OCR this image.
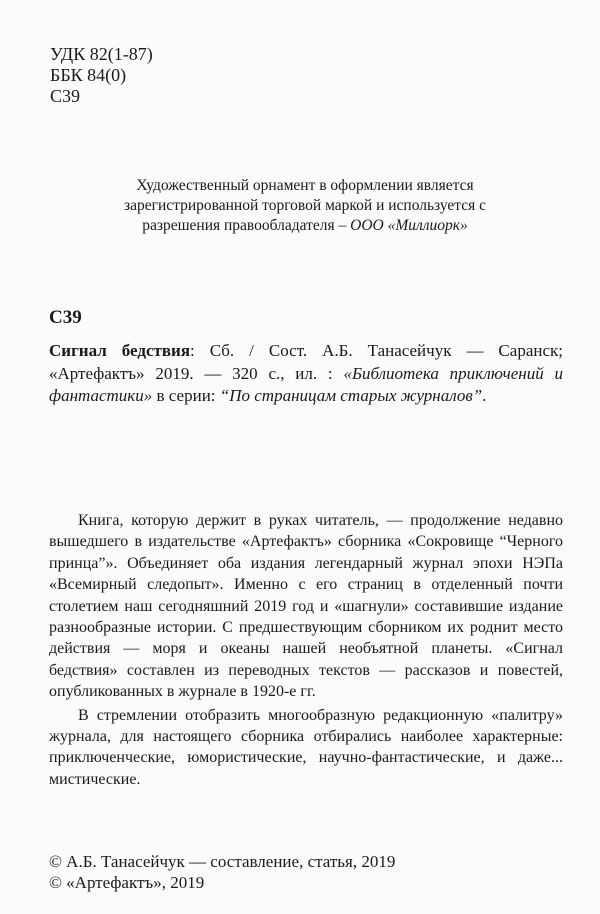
УДК 82(1-87)
ББК 84(0)
С39
Художественный орнамент в оформлении является
зарегистрированной торговой маркой и используется с
разрешения правообладателя – ООО «Миллиорк»
С39
Сигнал бедствия: Сб. / Сост. А.Б. Танасейчук — Саранск; «Артефактъ» 2019. — 320 с., ил. : «Библиотека приключений и фантастики» в серии: “По страницам старых журналов”.

Книга, которую держит в руках читатель, — продолжение недавно вышедшего в издательстве «Артефактъ» сборника «Сокровище “Черного принца”». Объединяет оба издания легендарный журнал эпохи НЭПа «Всемирный следопыт». Именно с его страниц в отделенный почти столетием наш сегодняшний 2019 год и «шагнули» составившие издание разнообразные истории. С предшествующим сборником их роднит место действия — моря и океаны нашей необъятной планеты. «Сигнал бедствия» составлен из переводных текстов — рассказов и повестей, опубликованных в журнале в 1920-е гг.

В стремлении отобразить многообразную редакционную «палитру» журнала, для настоящего сборника отбирались наиболее характерные: приключенческие, юмористические, научно-фантастические, и даже... мистические.

© А.Б. Танасейчук — составление, статья, 2019
© «Артефактъ», 2019
